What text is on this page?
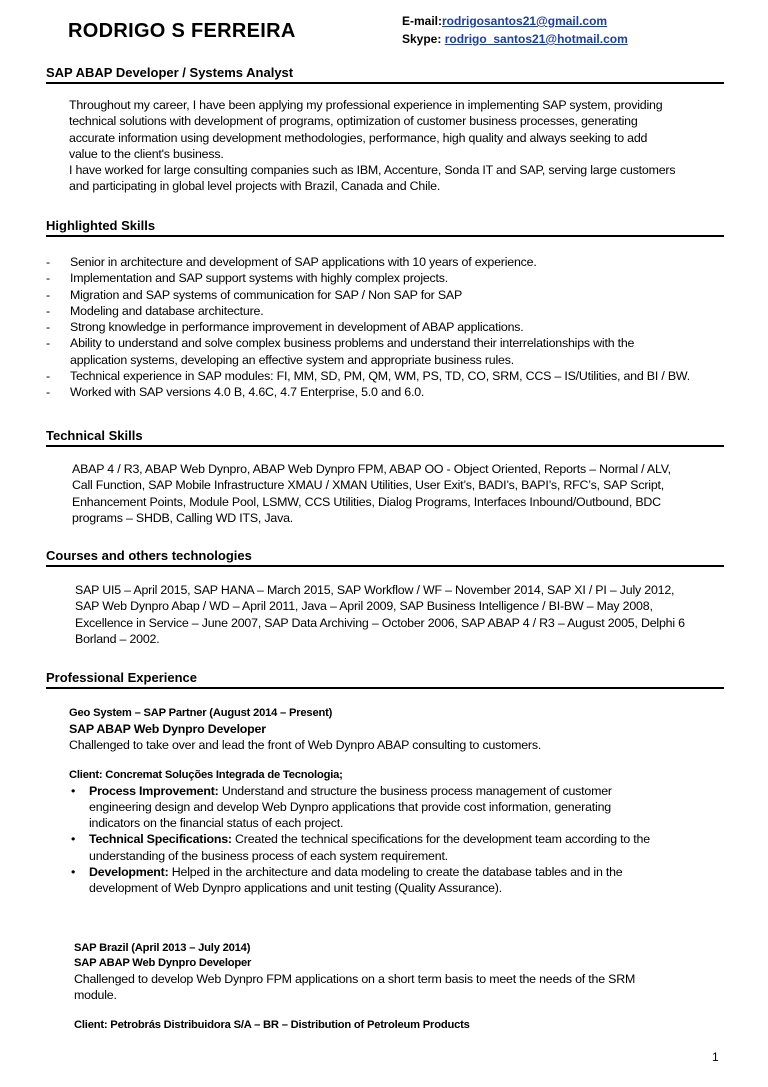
RODRIGO S FERREIRA	E-mail:rodrigosantos21@gmail.com
Skype: rodrigo_santos21@hotmail.com
SAP ABAP Developer / Systems Analyst
Throughout my career, I have been applying my professional experience in implementing SAP system, providing
technical solutions with development of programs, optimization of customer business processes, generating
accurate information using development methodologies, performance, high quality and always seeking to add
value to the client's business.
I have worked for large consulting companies such as IBM, Accenture, Sonda IT and SAP, serving large customers
and participating in global level projects with Brazil, Canada and Chile.
Highlighted Skills
-	Senior in architecture and development of SAP applications with 10 years of experience.
-	Implementation and SAP support systems with highly complex projects.
-	Migration and SAP systems of communication for SAP / Non SAP for SAP
-	Modeling and database architecture.
-	Strong knowledge in performance improvement in development of ABAP applications.
-	Ability to understand and solve complex business problems and understand their interrelationships with the
application systems, developing an effective system and appropriate business rules.
-	Technical experience in SAP modules: FI, MM, SD, PM, QM, WM, PS, TD, CO, SRM, CCS – IS/Utilities, and BI / BW.
-	Worked with SAP versions 4.0 B, 4.6C, 4.7 Enterprise, 5.0 and 6.0.
Technical Skills
ABAP 4 / R3, ABAP Web Dynpro, ABAP Web Dynpro FPM, ABAP OO - Object Oriented, Reports – Normal / ALV,
Call Function, SAP Mobile Infrastructure XMAU / XMAN Utilities, User Exit’s, BADI’s, BAPI’s, RFC’s, SAP Script,
Enhancement Points, Module Pool, LSMW, CCS Utilities, Dialog Programs, Interfaces Inbound/Outbound, BDC
programs – SHDB, Calling WD ITS, Java.
Courses and others technologies
SAP UI5 – April 2015, SAP HANA – March 2015, SAP Workflow / WF – November 2014, SAP XI / PI – July 2012,
SAP Web Dynpro Abap / WD – April 2011, Java – April 2009, SAP Business Intelligence / BI-BW – May 2008,
Excellence in Service – June 2007, SAP Data Archiving – October 2006, SAP ABAP 4 / R3 – August 2005, Delphi 6
Borland – 2002.
Professional Experience
Geo System – SAP Partner (August 2014 – Present)
SAP ABAP Web Dynpro Developer
Challenged to take over and lead the front of Web Dynpro ABAP consulting to customers.
Client: Concremat Soluções Integrada de Tecnologia;
•	Process Improvement: Understand and structure the business process management of customer
engineering design and develop Web Dynpro applications that provide cost information, generating
indicators on the financial status of each project.
•	Technical Specifications: Created the technical specifications for the development team according to the
understanding of the business process of each system requirement.
•	Development: Helped in the architecture and data modeling to create the database tables and in the
development of Web Dynpro applications and unit testing (Quality Assurance).
SAP Brazil (April 2013 – July 2014)
SAP ABAP Web Dynpro Developer
Challenged to develop Web Dynpro FPM applications on a short term basis to meet the needs of the SRM
module.
Client: Petrobrás Distribuidora S/A – BR – Distribution of Petroleum Products
1
